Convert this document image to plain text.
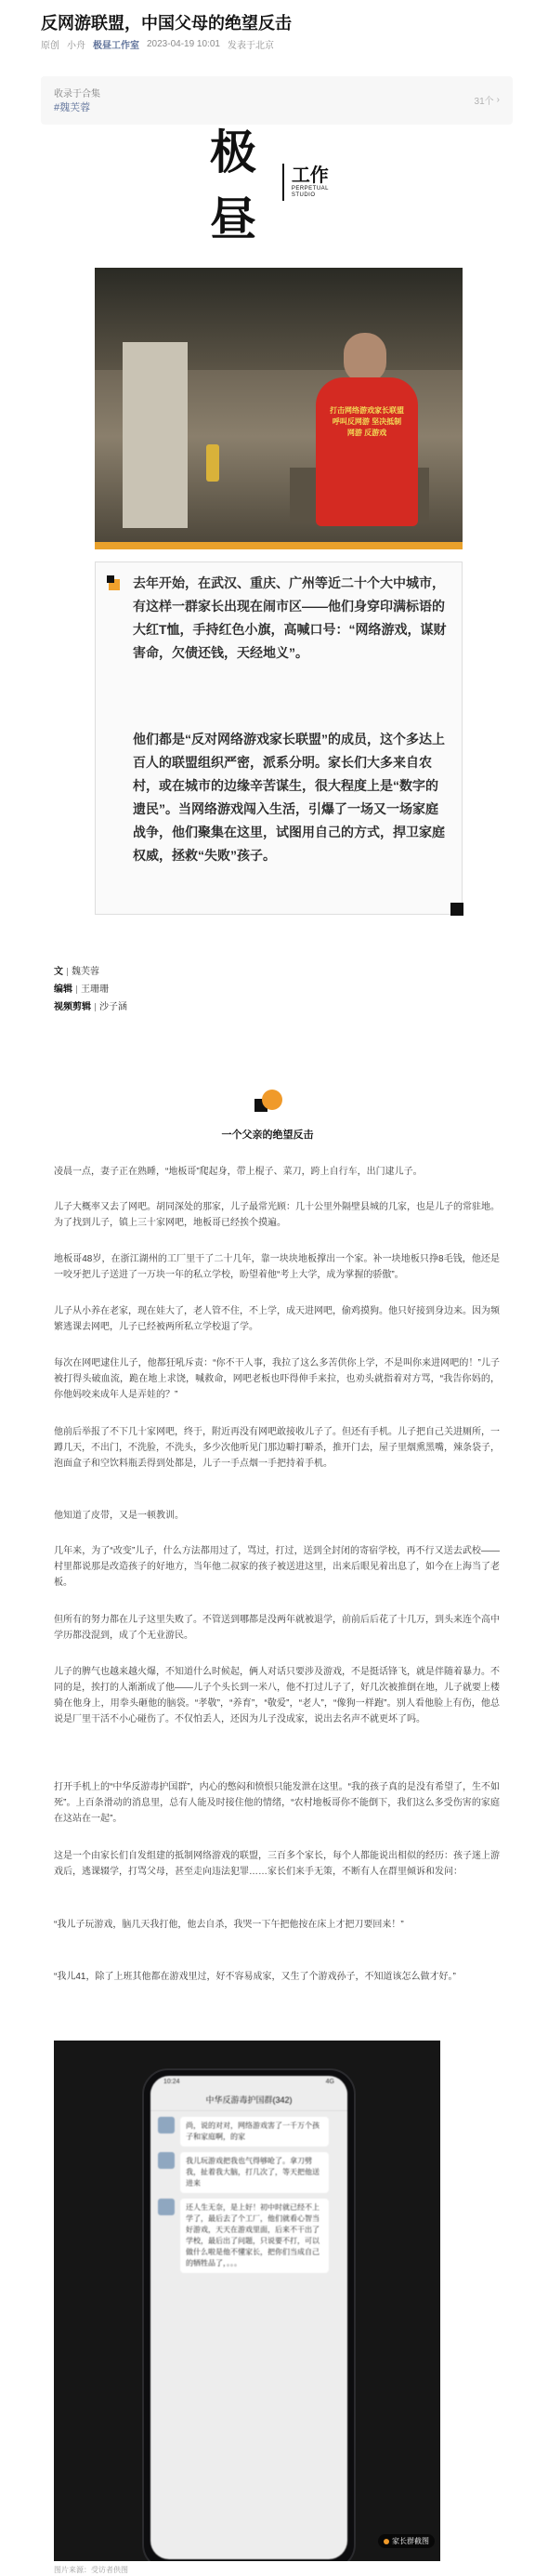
反网游联盟，中国父母的绝望反击
原创 小舟 极昼工作室 2023-04-19 10:01 发表于北京
收录于合集
#魏芙蓉
31个 ›
极昼
工作
PERPETUAL
STUDIO
打击网络游戏家长联盟 呼叫反网游 坚决抵制 网游 反游戏

去年开始，在武汉、重庆、广州等近二十个大中城市，有这样一群家长出现在闹市区——他们身穿印满标语的大红T恤，手持红色小旗，高喊口号：“网络游戏，谋财害命，欠债还钱，天经地义”。

他们都是“反对网络游戏家长联盟”的成员，这个多达上百人的联盟组织严密，派系分明。家长们大多来自农村，或在城市的边缘辛苦谋生，很大程度上是“数字的遗民”。当网络游戏闯入生活，引爆了一场又一场家庭战争，他们聚集在这里，试图用自己的方式，捍卫家庭权威，拯救“失败”孩子。

文 魏芙蓉
编辑 王珊珊
视频剪辑 沙子涵
一个父亲的绝望反击

凌晨一点，妻子正在熟睡，“地板哥”爬起身，带上棍子、菜刀，跨上自行车，出门逮儿子。

儿子大概率又去了网吧。胡同深处的那家，儿子最常光顾：几十公里外隔壁县城的几家，也是儿子的常驻地。为了找到儿子，镇上三十家网吧，地板哥已经挨个摸遍。

地板哥48岁，在浙江湖州的工厂里干了二十几年，靠一块块地板撑出一个家。补一块地板只挣8毛钱，他还是一咬牙把儿子送进了一万块一年的私立学校，盼望着他“考上大学，成为掌握的骄傲”。

儿子从小养在老家，现在娃大了，老人管不住，不上学，成天进网吧，偷鸡摸狗。他只好接到身边来。因为频繁逃课去网吧，儿子已经被两所私立学校退了学。

每次在网吧逮住儿子，他都狂吼斥责：“你不干人事，我拉了这么多苦供你上学，不是叫你来进网吧的！”儿子被打得头破血流，跪在地上求饶，喊救命，网吧老板也吓得伸手来拉，也劝头就指着对方骂，“我告你妈的，你他妈咬来成年人是弄娃的？”

他前后举报了不下几十家网吧，终于，附近再没有网吧敢接收儿子了。但还有手机。儿子把自己关进厕所，一蹲几天，不出门，不洗脸，不洗头，多少次他听见门那边噼打噼杀，推开门去，屋子里烟熏黑嘴，辣条袋子，泡面盒子和空饮料瓶丢得到处都是，儿子一手点烟一手把持着手机。

他知道了皮带，又是一顿教训。

几年来，为了“改变”儿子，什么方法都用过了，骂过，打过，送到全封闭的寄宿学校，再不行又送去武校——村里都说那是改造孩子的好地方，当年他二叔家的孩子被送进这里，出来后眼见着出息了，如今在上海当了老板。

但所有的努力都在儿子这里失败了。不管送到哪都是没两年就被退学，前前后后花了十几万，到头来连个高中学历都没混到，成了个无业游民。

儿子的脾气也越来越火爆，不知道什么时候起，俩人对话只要涉及游戏，不是挺话锋飞，就是伴随着暴力。不同的是，挨打的人渐渐成了他——儿子个头长到一米八，他不打过儿子了，好几次被推倒在地，儿子就要上楼骑在他身上，用拳头砸他的脑袋。“孝敬”，“养育”，“敬爱”，“老人”，“像狗一样跑”。别人看他脸上有伤，他总说是厂里干活不小心碰伤了。不仅怕丢人，还因为儿子没成家，说出去名声不就更坏了吗。

打开手机上的“中华反游毒护国群”，内心的憋闷和愤恨只能发泄在这里。“我的孩子真的是没有希望了，生不如死”。上百条滑动的消息里，总有人能及时接住他的情绪，“农村地板哥你不能倒下，我们这么多受伤害的家庭在这站在一起”。

这是一个由家长们自发组建的抵制网络游戏的联盟，三百多个家长，每个人都能说出相似的经历：孩子迷上游戏后，逃课辍学，打骂父母，甚至走向违法犯罪……家长们来手无策，不断有人在群里倾诉和发问：

“我儿子玩游戏，脑几天我打他，他去自杀，我哭一下午把他按在床上才把刀要回来！”

“我儿41，除了上班其他都在游戏里过，好不容易成家，又生了个游戏孙子，不知道该怎么做才好。”

10:24	4G
中华反游毒护国群(342)
尚，说的对对，网络游戏害了一千万个孩子和家庭啊，的家
我儿玩游戏把我也气得够呛了。拿刀劈我，扯着我大脑，打几次了，等天把他送进来
还人生无奈，是上好！初中时就已经不上学了，最后去了个工厂，他们就看心智当好游戏，天天在游戏里面，后来不干出了学校，最后出了问题，只说要不打，可以做什么啦是他不懂家长，把你们当成自己的牺牲品了，。。。
家长群截图
图片来源：受访者供图
